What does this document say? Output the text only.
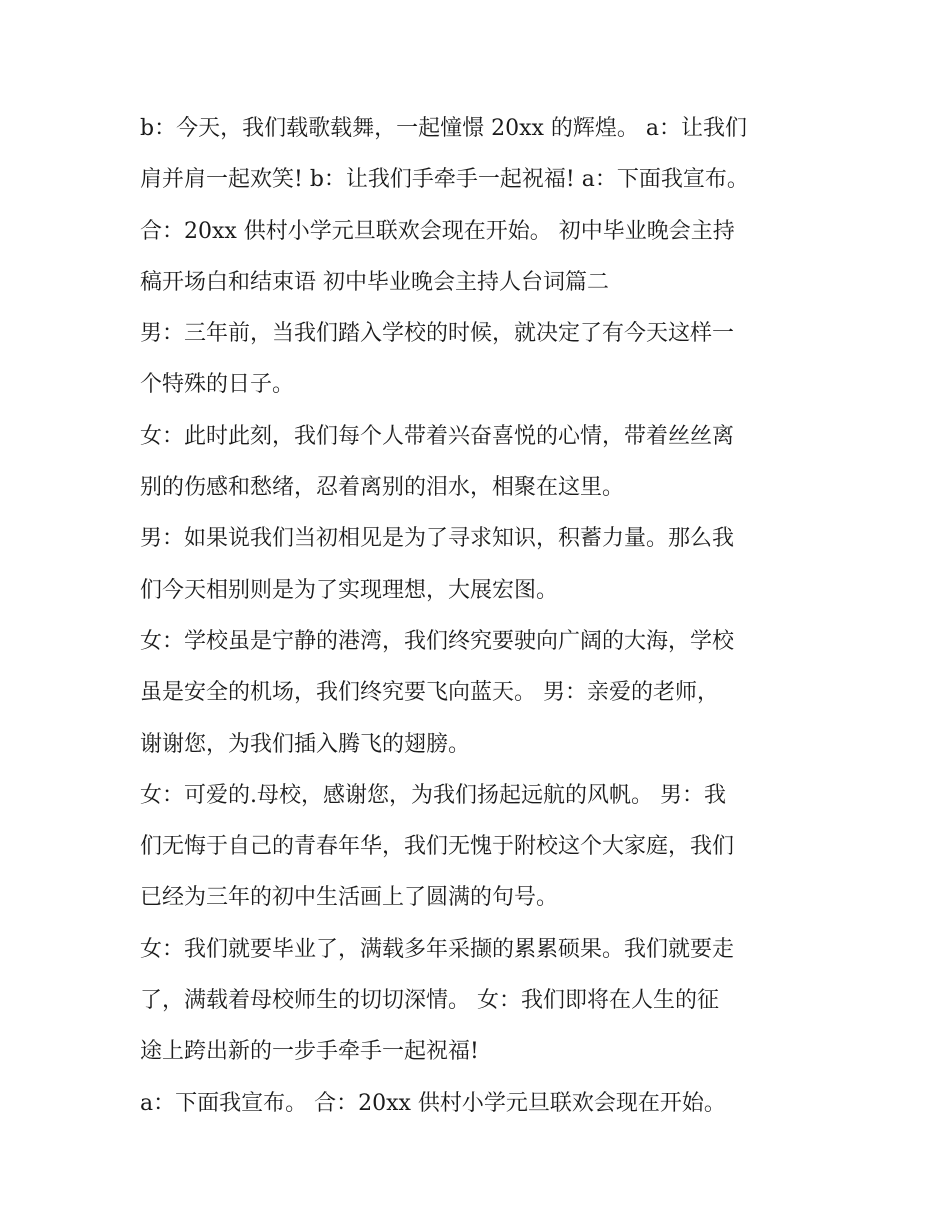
b：今天，我们载歌载舞，一起憧憬 20xx 的辉煌。 a：让我们
肩并肩一起欢笑! b：让我们手牵手一起祝福! a：下面我宣布。
合：20xx 供村小学元旦联欢会现在开始。 初中毕业晚会主持
稿开场白和结束语 初中毕业晚会主持人台词篇二
男：三年前，当我们踏入学校的时候，就决定了有今天这样一
个特殊的日子。
女：此时此刻，我们每个人带着兴奋喜悦的心情，带着丝丝离
别的伤感和愁绪，忍着离别的泪水，相聚在这里。
男：如果说我们当初相见是为了寻求知识，积蓄力量。那么我
们今天相别则是为了实现理想，大展宏图。
女：学校虽是宁静的港湾，我们终究要驶向广阔的大海，学校
虽是安全的机场，我们终究要飞向蓝天。 男：亲爱的老师，
谢谢您，为我们插入腾飞的翅膀。
女：可爱的.母校，感谢您，为我们扬起远航的风帆。 男：我
们无悔于自己的青春年华，我们无愧于附校这个大家庭，我们
已经为三年的初中生活画上了圆满的句号。
女：我们就要毕业了，满载多年采撷的累累硕果。我们就要走
了，满载着母校师生的切切深情。 女：我们即将在人生的征
途上跨出新的一步手牵手一起祝福!
a：下面我宣布。 合：20xx 供村小学元旦联欢会现在开始。
